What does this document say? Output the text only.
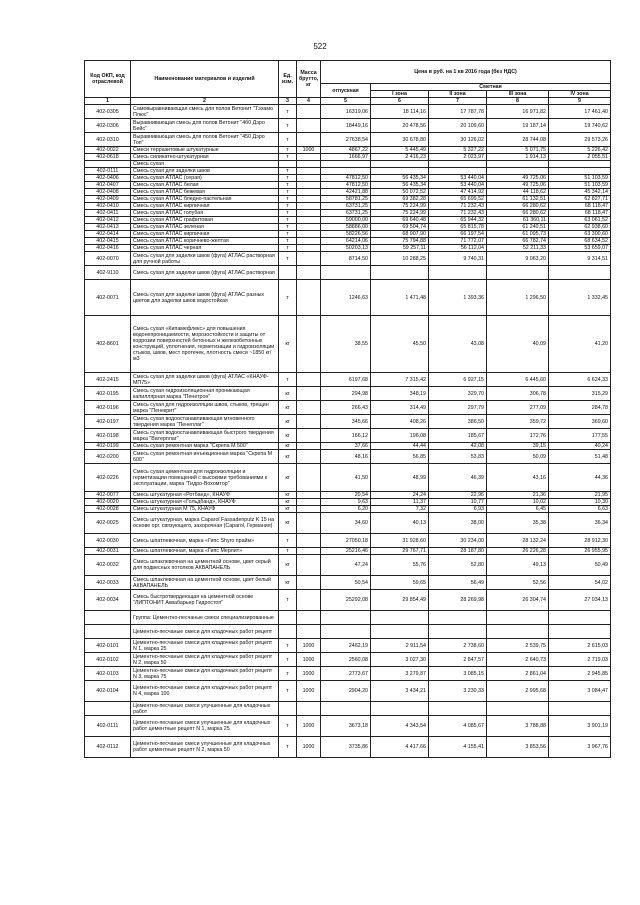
522
Код ОКП, код отраслевой	Наименование материалов и изделий	Ед. изм.	Масса брутто, кг	Цена в руб. на 1 кв 2016 года (без НДС)				
				отпускная	Сметная			
					I зона	II зона	III зона	IV зона
1	2	3	4	5	6	7	8	9
402-0305	Самовыравнивающая смесь для полов Ветонит "Тэхамо Плюс"	т		16319,06	18 114,16	17 787,78	16 971,82	17 461,40
402-0306	Выравнивающая смесь для полов Ветонит "4б0 Дэро Бейс"	т		18449,16	20 478,56	20 109,60	19 187,14	19 740,62
402-0310	Выравнивающая смесь для полов Ветонит "450 Дэро Топ"	т		27638,54	30 678,80	30 126,02	28 744,08	29 573,26
402-0022	Смеси терразитовые штукатурные	т	1000	4867,22	5 445,49	5 327,22	5 071,75	5 226,42
402-0618	Смесь силикатно-штукатурная	т		1666,97	2 416,23	2 023,97	1 914,13	2 055,51
	Смесь сухая							
402-0111	Смесь сухая для заделки швов	т						
402-0406	Смесь сухая АТЛАС (серая)	т		47812,50	56 435,34	53 440,04	49 725,06	51 103,59
402-0407	Смесь сухая АТЛАС белая	т		47812,50	56 435,34	53 440,04	49 725,06	51 103,59
402-0408	Смесь сухая АТЛАС бежевая	т		42421,88	50 072,52	47 414,92	44 118,62	45 342,14
402-0409	Смесь сухая АТЛАС бледно-пастельная	т		58781,25	69 382,28	65 699,52	61 132,51	62 827,71
402-0410	Смесь сухая АТЛАС кирпичная	т		63731,25	75 224,99	71 232,43	66 280,62	68 118,47
402-0411	Смесь сухая АТЛАС голубая	т		63731,25	75 224,99	71 232,43	66 280,62	68 118,47
402-0412	Смесь сухая АТЛАС графитовая	т		59000,00	69 640,48	65 944,32	61 360,11	63 061,52
402-0413	Смесь сухая АТЛАС зеленая	т		58886,00	69 504,74	65 815,78	61 240,51	62 938,60
402-0414	Смесь сухая АТЛАС кирпичная	т		58226,56	68 907,90	66 197,54	61 095,73	63 300,60
402-0415	Смесь сухая АТЛАС коричнево-желтая	т		64214,06	75 794,88	71 772,07	66 782,74	68 634,52
402-0416	Смесь сухая АТЛАС черная	т		50203,13	59 257,11	56 112,04	52 211,33	53 659,07
402-0070	Смесь сухая для заделки швов (фуга) АТЛАС растворная для ручной работы	т		8714,50	10 288,25	9 740,31	9 063,20	9 314,51
402-9110	Смесь сухая для заделки швов (фуга) АТЛАС растворная							
402-0071	Смесь сухая для заделки швов (фуга) АТЛАС разных цветов для заделки швов водостойкая	т		1246,63	1 471,48	1 393,36	1 296,50	1 332,45
402-8601	Смесь сухая «Кипамефлекс» для повышения водонепроницаемости, морозостойкости и защиты от коррозии поверхностей бетонных и железобетонных конструкций, уплотнения, герметизации и гидроизоляции стыков, швов, мест протечек, плотность смеси ~1850 кг/м3	кг		38,55	45,50	43,08	40,09	41,20
402-2415	Смесь сухая для заделки швов (фуга) АТЛАС «КНАУФ-МП75»	т		6197,68	7 315,42	6 927,15	6 445,60	6 624,33
402-0195	Смесь сухая гидроизоляционная проникающая капиллярная марка "Пенетрон"	кг		294,98	348,19	329,70	306,78	315,29
402-0196	Смесь сухая для гидроизоляции швов, стыков, трещин марка "Пенекрит"	кг		266,43	314,49	297,79	277,09	284,78
402-0197	Смесь сухая водоостанавливающая мгновенного твердения марка "Пенеплаг"	кг		345,66	408,26	386,50	359,72	369,60
402-0198	Смесь сухая водоостанавливающая быстрого твердения марка "Ватерплаг"	кг		166,12	196,08	185,67	172,76	177,55
402-0199	Смесь сухая ремонтная марка "Скрепа М 500"	кг		37,66	44,44	42,08	39,15	40,24
402-0200	Смесь сухая ремонтная инъекционная марка "Скрепа М 600"	кг		48,16	56,85	53,83	50,09	51,48
402-0226	Смесь сухая цементная для гидроизоляции и герметизации помещений с высокими требованиями к эксплуатации, марка "Гидро-Вохомтор"	кг		41,50	48,99	46,39	43,16	44,36
402-0077	Смесь штукатурная «Ротбанд», КНАУФ	кг		20,54	24,24	22,96	21,36	21,95
402-0020	Смесь штукатурная «Гольдбанд», КНАУФ	кг		9,63	11,37	10,77	10,02	10,30
402-0028	Смесь штукатурная М 75, КНАУФ	кг		6,20	7,32	6,93	6,45	6,63
402-0025	Смесь штукатурная, марка Caparol Fassadenputz K 15 на основе орг. связующего, захорочная (Caparol, Германия)	кг		34,60	40,13	38,00	35,38	36,34
402-0030	Смесь шпатлевочная, марка «Гипс Shyro прайм»	т		27050,18	31 928,60	30 234,00	28 132,24	28 912,30
402-0031	Смесь шпатлевочная, марка «Гипс Мерлит»	т		25216,46	29 767,71	28 187,80	26 226,28	26 955,95
402-0032	Смесь шпаклевочная на цементной основе, цвет серый для подвесных потолков АКВАПАНЕЛЬ	кг		47,24	55,76	52,80	49,13	50,49
402-0033	Смесь шпаклевочная на цементной основе, цвет белый АКВАПАНЕЛЬ	кг		50,54	59,65	56,49	52,56	54,02
402-0034	Смесь быстротвердеющая на цементной основе "ЛИПТОНИТ Аквабарьер Гидростоп"	т		25292,08	29 854,49	28 269,98	26 304,74	27 034,13
	Группа: Цементно-песчаные смеси специализированные							
	Цементно-песчаные смеси для кладочных работ рецепт							
402-0101	Цементно-песчаные смеси для кладочных работ рецепт N 1, марка 25	т	1000	2462,19	2 911,54	2 738,60	2 539,75	2 615,03
402-0102	Цементно-песчаные смеси для кладочных работ рецепт N 2, марка 50	т	1000	2560,08	3 027,30	2 847,57	2 640,73	2 719,03
402-0103	Цементно-песчаные смеси для кладочных работ рецепт N 3, марка 75	т	1000	2773,67	3 279,87	3 085,15	2 861,04	2 945,85
402-0104	Цементно-песчаные смеси для кладочных работ рецепт N 4, марка 100	т	1000	2904,20	3 434,21	3 230,33	2 995,68	3 084,47
	Цементно-песчаные смеси улучшенные для кладочных работ							
402-0111	Цементно-песчаные смеси улучшенные для кладочных работ цементные рецепт N 1, марка 25	т	1000	3673,18	4 343,54	4 085,67	3 788,88	3 901,19
402-0112	Цементно-песчаные смеси улучшенные для кладочных работ цементные рецепт N 2, марка 50	т	1000	3735,86	4 417,66	4 155,41	3 853,56	3 967,76
